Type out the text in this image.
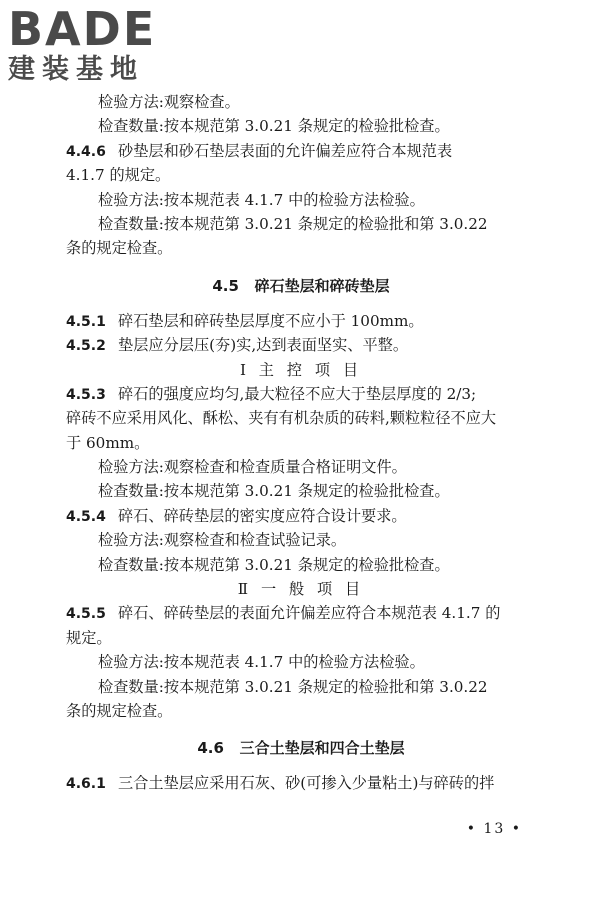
BADE
建装基地
检验方法:观察检查。
检查数量:按本规范第 3.0.21 条规定的检验批检查。
4.4.6 砂垫层和砂石垫层表面的允许偏差应符合本规范表
4.1.7 的规定。
检验方法:按本规范表 4.1.7 中的检验方法检验。
检查数量:按本规范第 3.0.21 条规定的检验批和第 3.0.22
条的规定检查。
4.5 碎石垫层和碎砖垫层
4.5.1 碎石垫层和碎砖垫层厚度不应小于 100mm。
4.5.2 垫层应分层压(夯)实,达到表面坚实、平整。
Ⅰ 主 控 项 目
4.5.3 碎石的强度应均匀,最大粒径不应大于垫层厚度的 2/3;
碎砖不应采用风化、酥松、夹有有机杂质的砖料,颗粒粒径不应大
于 60mm。
检验方法:观察检查和检查质量合格证明文件。
检查数量:按本规范第 3.0.21 条规定的检验批检查。
4.5.4 碎石、碎砖垫层的密实度应符合设计要求。
检验方法:观察检查和检查试验记录。
检查数量:按本规范第 3.0.21 条规定的检验批检查。
Ⅱ 一 般 项 目
4.5.5 碎石、碎砖垫层的表面允许偏差应符合本规范表 4.1.7 的
规定。
检验方法:按本规范表 4.1.7 中的检验方法检验。
检查数量:按本规范第 3.0.21 条规定的检验批和第 3.0.22
条的规定检查。
4.6 三合土垫层和四合土垫层
4.6.1 三合土垫层应采用石灰、砂(可掺入少量粘土)与碎砖的拌
• 13 •
